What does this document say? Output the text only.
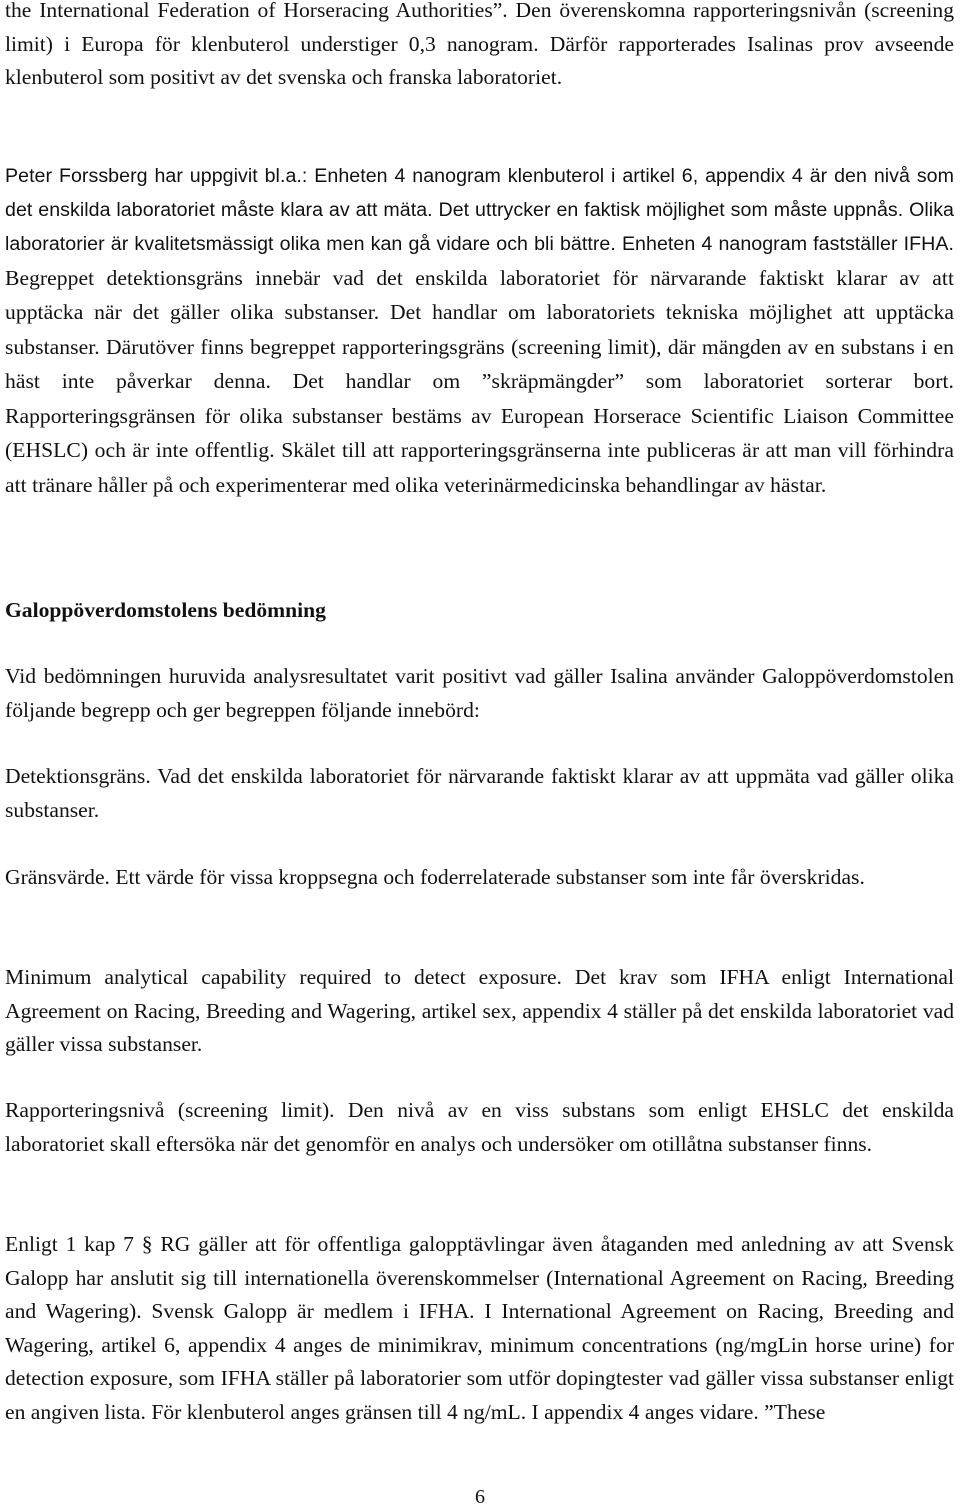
the International Federation of Horseracing Authorities”. Den överenskomna rapporteringsnivån (screening limit) i Europa för klenbuterol understiger 0,3 nanogram. Därför rapporterades Isalinas prov avseende klenbuterol som positivt av det svenska och franska laboratoriet.

Peter Forssberg har uppgivit bl.a.: Enheten 4 nanogram klenbuterol i artikel 6, appendix 4 är den nivå som det enskilda laboratoriet måste klara av att mäta. Det uttrycker en faktisk möjlighet som måste uppnås. Olika laboratorier är kvalitetsmässigt olika men kan gå vidare och bli bättre. Enheten 4 nanogram fastställer IFHA. Begreppet detektionsgräns innebär vad det enskilda laboratoriet för närvarande faktiskt klarar av att upptäcka när det gäller olika substanser. Det handlar om laboratoriets tekniska möjlighet att upptäcka substanser. Därutöver finns begreppet rapporteringsgräns (screening limit), där mängden av en substans i en häst inte påverkar denna. Det handlar om ”skräpmängder” som laboratoriet sorterar bort. Rapporteringsgränsen för olika substanser bestäms av European Horserace Scientific Liaison Committee (EHSLC) och är inte offentlig. Skälet till att rapporteringsgränserna inte publiceras är att man vill förhindra att tränare håller på och experimenterar med olika veterinärmedicinska behandlingar av hästar.

Galoppöverdomstolens bedömning

Vid bedömningen huruvida analysresultatet varit positivt vad gäller Isalina använder Galoppöverdomstolen följande begrepp och ger begreppen följande innebörd:

Detektionsgräns. Vad det enskilda laboratoriet för närvarande faktiskt klarar av att uppmäta vad gäller olika substanser.

Gränsvärde. Ett värde för vissa kroppsegna och foderrelaterade substanser som inte får överskridas.

Minimum analytical capability required to detect exposure. Det krav som IFHA enligt International Agreement on Racing, Breeding and Wagering, artikel sex, appendix 4 ställer på det enskilda laboratoriet vad gäller vissa substanser.

Rapporteringsnivå (screening limit). Den nivå av en viss substans som enligt EHSLC det enskilda laboratoriet skall eftersöka när det genomför en analys och undersöker om otillåtna substanser finns.

Enligt 1 kap 7 § RG gäller att för offentliga galopptävlingar även åtaganden med anledning av att Svensk Galopp har anslutit sig till internationella överenskommelser (International Agreement on Racing, Breeding and Wagering). Svensk Galopp är medlem i IFHA. I International Agreement on Racing, Breeding and Wagering, artikel 6, appendix 4 anges de minimikrav, minimum concentrations (ng/mgLin horse urine) for detection exposure, som IFHA ställer på laboratorier som utför dopingtester vad gäller vissa substanser enligt en angiven lista. För klenbuterol anges gränsen till 4 ng/mL. I appendix 4 anges vidare. ”These

6
